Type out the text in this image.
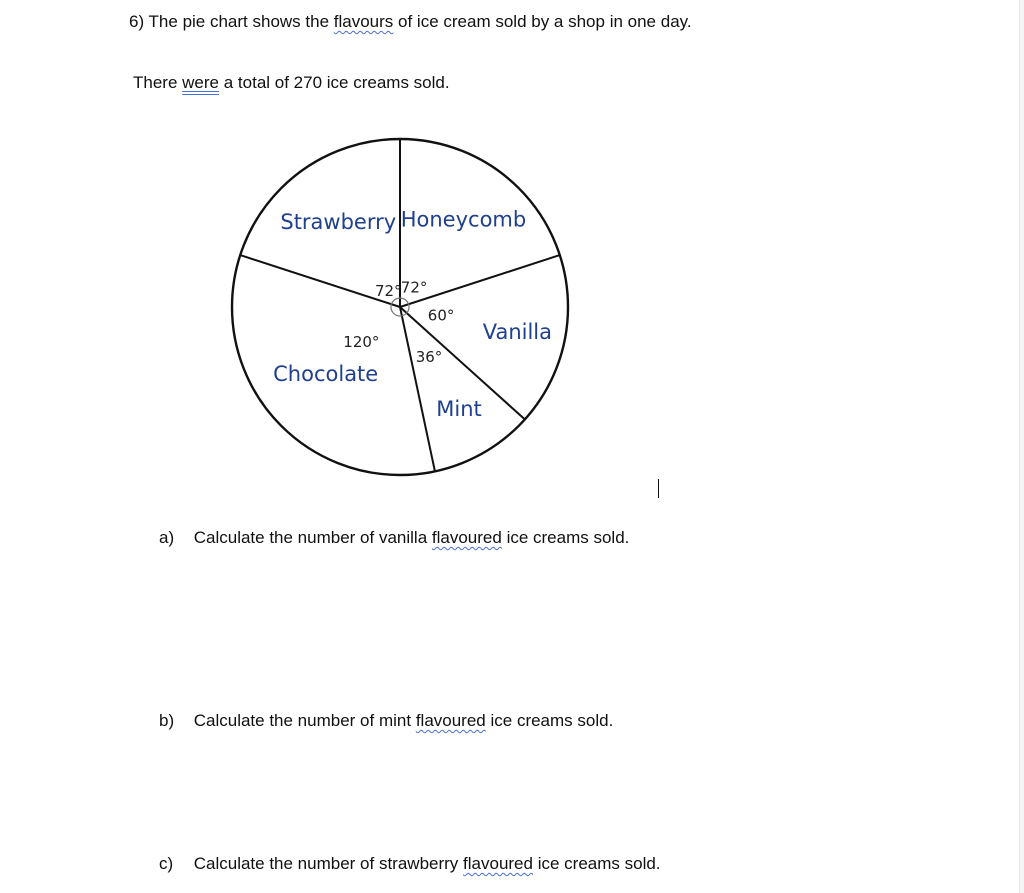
6) The pie chart shows the flavours of ice cream sold by a shop in one day.
There were a total of 270 ice creams sold.
72°
Honeycomb
60°
Vanilla
36°
Mint
120°
Chocolate
72°
Strawberry
a) Calculate the number of vanilla flavoured ice creams sold.
b) Calculate the number of mint flavoured ice creams sold.
c) Calculate the number of strawberry flavoured ice creams sold.
